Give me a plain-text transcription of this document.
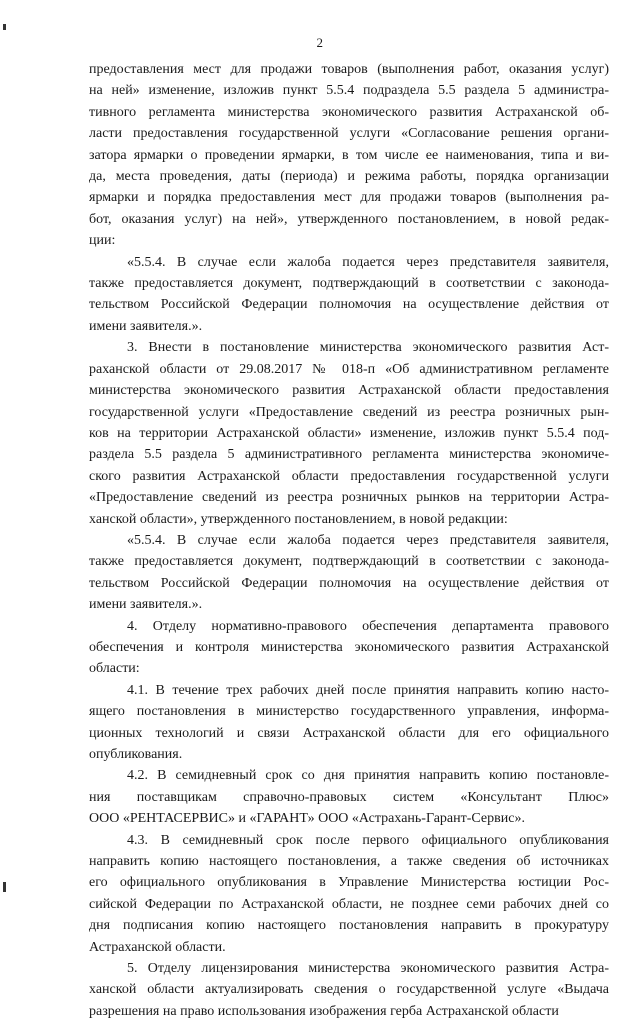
2
предоставления мест для продажи товаров (выполнения работ, оказания услуг)
на ней» изменение, изложив пункт 5.5.4 подраздела 5.5 раздела 5 администра-
тивного регламента министерства экономического развития Астраханской об-
ласти предоставления государственной услуги «Согласование решения органи-
затора ярмарки о проведении ярмарки, в том числе ее наименования, типа и ви-
да, места проведения, даты (периода) и режима работы, порядка организации
ярмарки и порядка предоставления мест для продажи товаров (выполнения ра-
бот, оказания услуг) на ней», утвержденного постановлением, в новой редак-
ции:
«5.5.4. В случае если жалоба подается через представителя заявителя,
также предоставляется документ, подтверждающий в соответствии с законода-
тельством Российской Федерации полномочия на осуществление действия от
имени заявителя.».
3. Внести в постановление министерства экономического развития Аст-
раханской области от 29.08.2017 № 018-п «Об административном регламенте
министерства экономического развития Астраханской области предоставления
государственной услуги «Предоставление сведений из реестра розничных рын-
ков на территории Астраханской области» изменение, изложив пункт 5.5.4 под-
раздела 5.5 раздела 5 административного регламента министерства экономиче-
ского развития Астраханской области предоставления государственной услуги
«Предоставление сведений из реестра розничных рынков на территории Астра-
ханской области», утвержденного постановлением, в новой редакции:
«5.5.4. В случае если жалоба подается через представителя заявителя,
также предоставляется документ, подтверждающий в соответствии с законода-
тельством Российской Федерации полномочия на осуществление действия от
имени заявителя.».
4. Отделу нормативно-правового обеспечения департамента правового
обеспечения и контроля министерства экономического развития Астраханской
области:
4.1. В течение трех рабочих дней после принятия направить копию насто-
ящего постановления в министерство государственного управления, информа-
ционных технологий и связи Астраханской области для его официального
опубликования.
4.2. В семидневный срок со дня принятия направить копию постановле-
ния поставщикам справочно-правовых систем «Консультант Плюс»
ООО «РЕНТАСЕРВИС» и «ГАРАНТ» ООО «Астрахань-Гарант-Сервис».
4.3. В семидневный срок после первого официального опубликования
направить копию настоящего постановления, а также сведения об источниках
его официального опубликования в Управление Министерства юстиции Рос-
сийской Федерации по Астраханской области, не позднее семи рабочих дней со
дня подписания копию настоящего постановления направить в прокуратуру
Астраханской области.
5. Отделу лицензирования министерства экономического развития Астра-
ханской области актуализировать сведения о государственной услуге «Выдача
разрешения на право использования изображения герба Астраханской области
